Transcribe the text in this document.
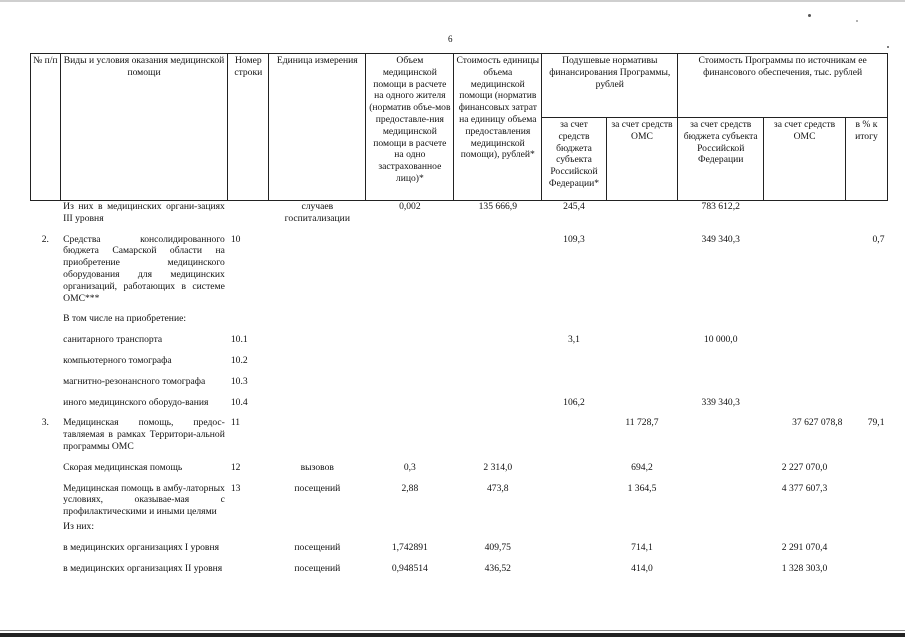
6
№ п/п	Виды и условия оказания медицинской помощи	Номер строки	Единица измерения	Объем медицинской помощи в расчете на одного жителя (норматив объе-мов предоставле-ния медицинской помощи в расчете на одно застрахованное лицо)*	Стоимость единицы объема медицинской помощи (норматив финансовых затрат на единицу объема предоставления медицинской помощи), рублей*	Подушевые нормативы финансирования Программы, рублей		Стоимость Программы по источникам ее финансового обеспечения, тыс. рублей		
						за счет средств бюджета субъекта Российской Федерации*	за счет средств ОМС	за счет средств бюджета субъекта Российской Федерации	за счет средств ОМС	в % к итогу
	Из них в медицинских органи-зациях III уровня		случаев госпитализации	0,002	135 666,9	245,4		783 612,2		
2.	Средства консолидированного бюджета Самарской области на приобретение медицинского оборудования для медицинских организаций, работающих в системе ОМС***	10				109,3		349 340,3		0,7
	В том числе на приобретение:									
	санитарного транспорта	10.1				3,1		10 000,0		
	компьютерного томографа	10.2								
	магнитно-резонансного томографа	10.3								
	иного медицинского оборудо-вания	10.4				106,2		339 340,3		
3.	Медицинская помощь, предос-тавляемая в рамках Территори-альной программы ОМС	11					11 728,7		37 627 078,8	79,1
	Скорая медицинская помощь	12	вызовов	0,3	2 314,0		694,2		2 227 070,0	
	Медицинская помощь в амбу-латорных условиях, оказывае-мая с профилактическими и иными целями	13	посещений	2,88	473,8		1 364,5		4 377 607,3	
	Из них:									
	в медицинских организациях I уровня		посещений	1,742891	409,75		714,1		2 291 070,4	
	в медицинских организациях II уровня		посещений	0,948514	436,52		414,0		1 328 303,0	
